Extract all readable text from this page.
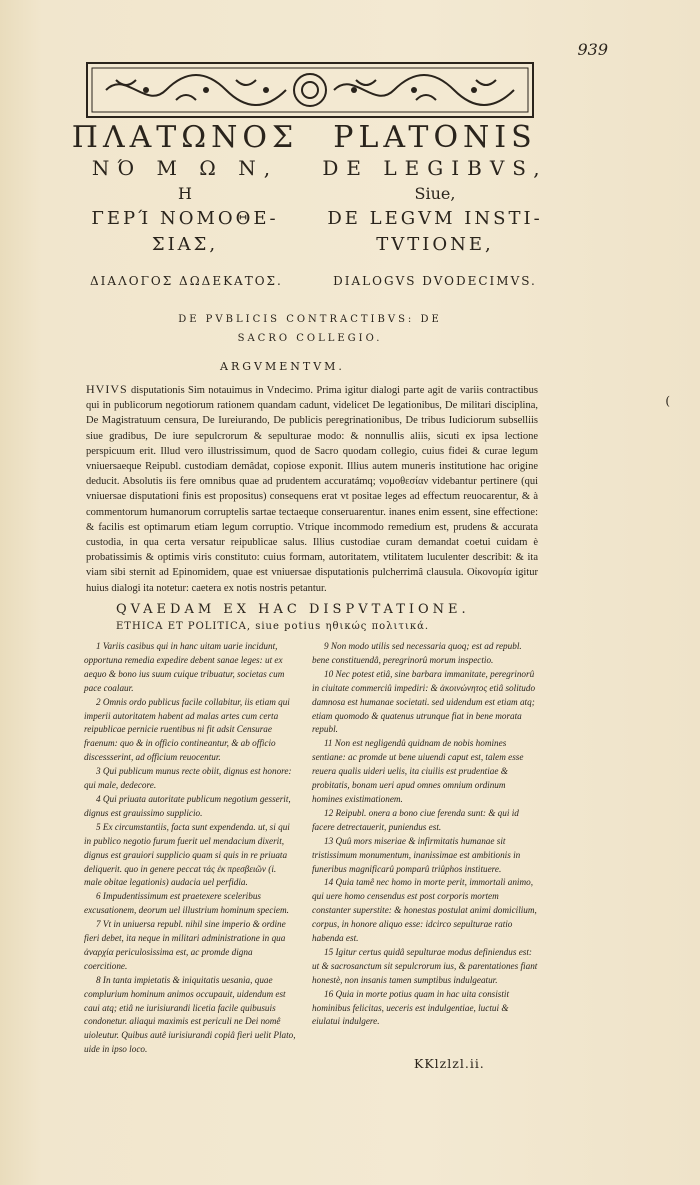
939
ΠΛΑΤΩΝΟΣ	PLATONIS
ΝΌ Μ Ω Ν,	DE LEGIBVS,
Η	Siue,
ΓΕΡΊ ΝΟΜΟΘΕ-	DE LEGVM INSTI-
ΣΙΑΣ,	TVTIONE,
ΔΙΑΛΟΓΟΣ ΔΩΔΕΚΑΤΟΣ.	DIALOGVS DVODECIMVS.
DE PVBLICIS CONTRACTIBVS: DE
SACRO COLLEGIO.
ARGVMENTVM.
(
HVIVS disputationis Sim notauimus in Vndecimo. Prima igitur dialogi parte agit de variis contractibus qui in publicorum negotiorum rationem quandam cadunt, videlicet De legationibus, De militari disciplina, De Magistratuum censura, De Iureiurando, De publicis peregrinationibus, De tribus Iudiciorum subselliis siue gradibus, De iure sepulcrorum & sepulturae modo: & nonnullis aliis, sicuti ex ipsa lectione perspicuum erit. Illud vero illustrissimum, quod de Sacro quodam collegio, cuius fidei & curae legum vniuersaeque Reipubl. custodiam demâdat, copiose exponit. Illius autem muneris institutione hac origine deducit. Absolutis iis fere omnibus quae ad prudentem accuratámq; νομοθεσίαν videbantur pertinere (qui vniuersae disputationi finis est propositus) consequens erat vt positae leges ad effectum reuocarentur, & à commentorum humanorum corruptelis sartae tectaeque conseruarentur. inanes enim essent, sine effectione: & facilis est optimarum etiam legum corruptio. Vtrique incommodo remedium est, prudens & accurata custodia, in qua certa versatur reipublicae salus. Illius custodiae curam demandat coetui cuidam è probatissimis & optimis viris constituto: cuius formam, autoritatem, vtilitatem luculenter describit: & ita viam sibi sternit ad Epinomidem, quae est vniuersae disputationis pulcherrimâ clausula. Οἰκονομία igitur huius dialogi ita notetur: caetera ex notis nostris petantur.
QVAEDAM EX HAC DISPVTATIONE.
ETHICA ET POLITICA, siue potius ηθικώς πολιτικά.

1 Variis casibus qui in hanc uitam uarie incidunt, opportuna remedia expedire debent sanae leges: ut ex aequo & bono ius suum cuique tribuatur, societas cum pace coalaur.

2 Omnis ordo publicus facile collabitur, iis etiam qui imperii autoritatem habent ad malas artes cum certa reipublicae pernicie ruentibus ni fit adsit Censurae fraenum: quo & in officio contineantur, & ab officio discessserint, ad officium reuocentur.

3 Qui publicum munus recte obiit, dignus est honore: qui male, dedecore.

4 Qui priuata autoritate publicum negotium gesserit, dignus est grauissimo supplicio.

5 Ex circumstantiis, facta sunt expendenda. ut, si qui in publico negotio furum fuerit uel mendacium dixerit, dignus est grauiori supplicio quam si quis in re priuata deliquerit. quo in genere peccat τάς ἐκ πρεσβειῶν (i. male obitae legationis) audacia uel perfidia.

6 Impudentissimum est praetexere sceleribus excusationem, deorum uel illustrium hominum speciem.

7 Vt in uniuersa republ. nihil sine imperio & ordine fieri debet, ita neque in militari administratione in qua ἀναρχία periculosissima est, ac promde digna coercitione.

8 In tanta impietatis & iniquitatis uesania, quae complurium hominum animos occupauit, uidendum est caui atq; etiâ ne iurisiurandi licetia facile quibusuis condonetur. aliaqui maximis est periculi ne Dei nomê uioleutur. Quibus autê iurisiurandi copiâ fieri uelit Plato, uide in ipso loco.

9 Non modo utilis sed necessaria quoq; est ad republ. bene constituendâ, peregrinorû morum inspectio.

10 Nec potest etiâ, sine barbara immanitate, peregrinorû in ciuitate commerciû impediri: & ἀκοινώνητος etiâ solitudo damnosa est humanae societati. sed uidendum est etiam atq; etiam quomodo & quatenus utrunque fiat in bene morata republ.

11 Non est negligendû quidnam de nobis homines sentiane: ac promde ut bene uiuendi caput est, talem esse reuera qualis uideri uelis, ita ciuilis est prudentiae & probitatis, bonam ueri apud omnes omnium ordinum homines existimationem.

12 Reipubl. onera a bono ciue ferenda sunt: & qui id facere detrectauerit, puniendus est.

13 Quû mors miseriae & infirmitatis humanae sit tristissimum monumentum, inanissimae est ambitionis in funeribus magnificarû pomparû triûphos instituere.

14 Quia tamê nec homo in morte perit, immortali animo, qui uere homo censendus est post corporis mortem constanter superstite: & honestas postulat animi domicilium, corpus, in honore aliquo esse: idcirco sepulturae ratio habenda est.

15 Igitur certus quidâ sepulturae modus definiendus est: ut & sacrosanctum sit sepulcrorum ius, & parentationes fiant honestè, non insanis tamen sumptibus indulgeatur.

16 Quia in morte potius quam in hac uita consistit hominibus felicitas, ueceris est indulgentiae, luctui & eiulatui indulgere.

KKlzlzl.ii.
